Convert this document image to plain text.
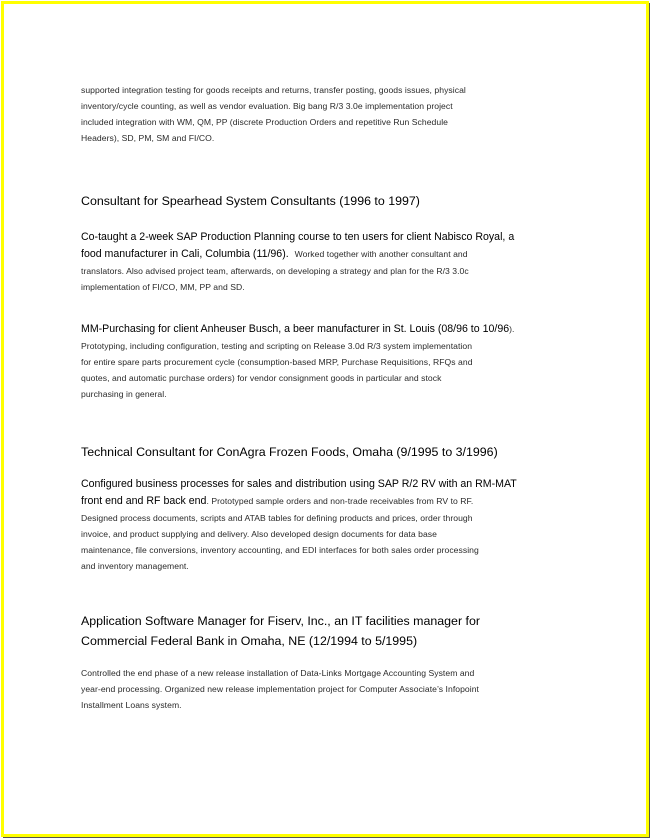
supported integration testing for goods receipts and returns, transfer posting, goods issues, physical

inventory/cycle counting, as well as vendor evaluation. Big bang R/3 3.0e implementation project

included integration with WM, QM, PP (discrete Production Orders and repetitive Run Schedule

Headers), SD, PM, SM and FI/CO.

Consultant for Spearhead System Consultants (1996 to 1997)

Co-taught a 2-week SAP Production Planning course to ten users for client Nabisco Royal, a

food manufacturer in Cali, Columbia (11/96). Worked together with another consultant and

translators. Also advised project team, afterwards, on developing a strategy and plan for the R/3 3.0c

implementation of FI/CO, MM, PP and SD.

MM-Purchasing for client Anheuser Busch, a beer manufacturer in St. Louis (08/96 to 10/96).

Prototyping, including configuration, testing and scripting on Release 3.0d R/3 system implementation

for entire spare parts procurement cycle (consumption-based MRP, Purchase Requisitions, RFQs and

quotes, and automatic purchase orders) for vendor consignment goods in particular and stock

purchasing in general.

Technical Consultant for ConAgra Frozen Foods, Omaha (9/1995 to 3/1996)

Configured business processes for sales and distribution using SAP R/2 RV with an RM-MAT

front end and RF back end. Prototyped sample orders and non-trade receivables from RV to RF.

Designed process documents, scripts and ATAB tables for defining products and prices, order through

invoice, and product supplying and delivery. Also developed design documents for data base

maintenance, file conversions, inventory accounting, and EDI interfaces for both sales order processing

and inventory management.

Application Software Manager for Fiserv, Inc., an IT facilities manager for

Commercial Federal Bank in Omaha, NE (12/1994 to 5/1995)

Controlled the end phase of a new release installation of Data-Links Mortgage Accounting System and

year-end processing. Organized new release implementation project for Computer Associate’s Infopoint

Installment Loans system.
